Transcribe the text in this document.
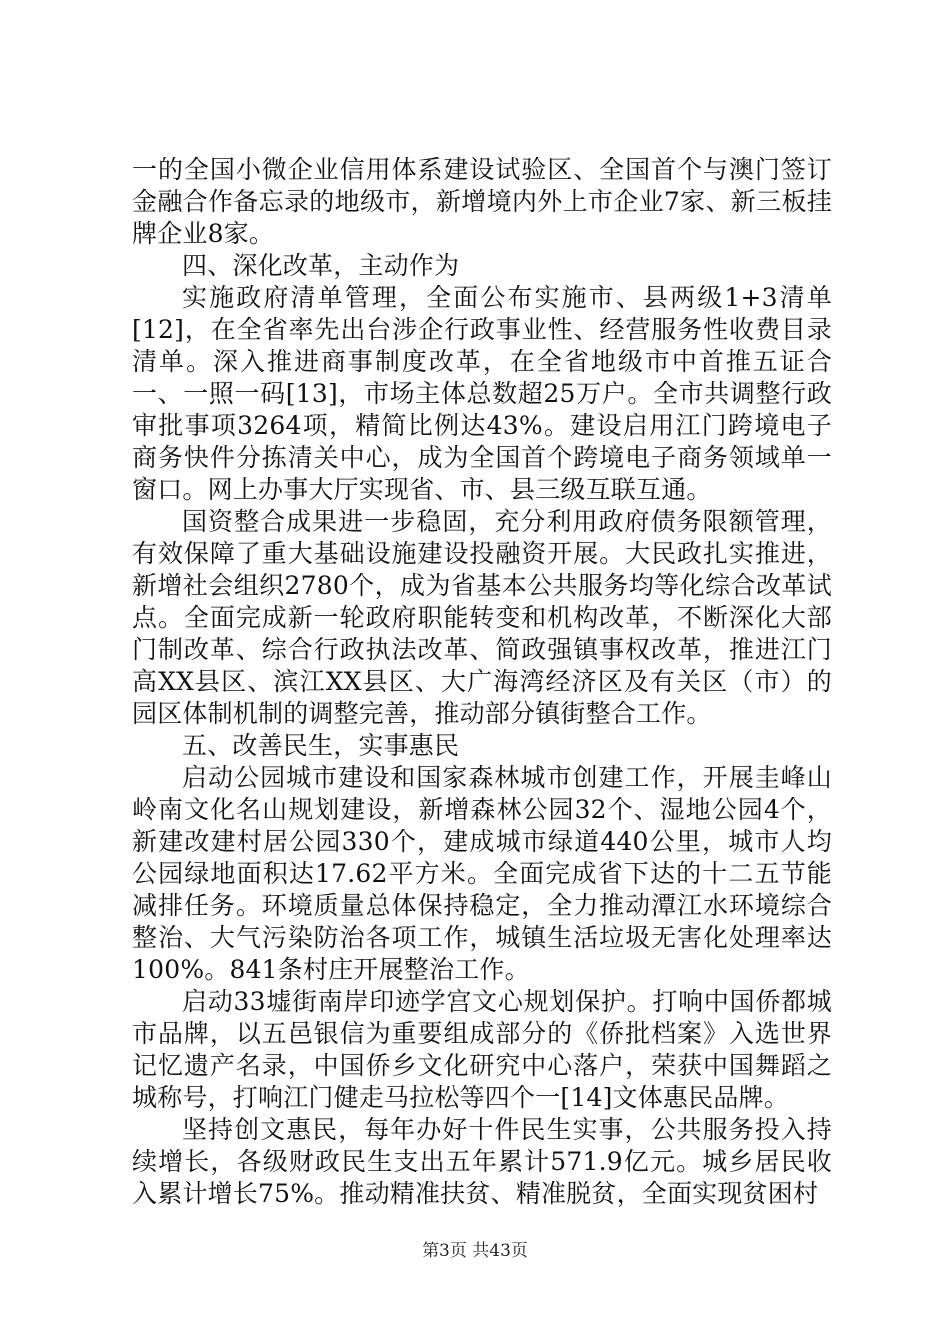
一的全国小微企业信用体系建设试验区、全国首个与澳门签订金融合作备忘录的地级市，新增境内外上市企业7家、新三板挂牌企业8家。

四、深化改革，主动作为

实施政府清单管理，全面公布实施市、县两级1+3清单[12]，在全省率先出台涉企行政事业性、经营服务性收费目录清单。深入推进商事制度改革，在全省地级市中首推五证合一、一照一码[13]，市场主体总数超25万户。全市共调整行政审批事项3264项，精简比例达43%。建设启用江门跨境电子商务快件分拣清关中心，成为全国首个跨境电子商务领域单一窗口。网上办事大厅实现省、市、县三级互联互通。

国资整合成果进一步稳固，充分利用政府债务限额管理，有效保障了重大基础设施建设投融资开展。大民政扎实推进，新增社会组织2780个，成为省基本公共服务均等化综合改革试点。全面完成新一轮政府职能转变和机构改革，不断深化大部门制改革、综合行政执法改革、简政强镇事权改革，推进江门高XX县区、滨江XX县区、大广海湾经济区及有关区（市）的园区体制机制的调整完善，推动部分镇街整合工作。

五、改善民生，实事惠民

启动公园城市建设和国家森林城市创建工作，开展圭峰山岭南文化名山规划建设，新增森林公园32个、湿地公园4个，新建改建村居公园330个，建成城市绿道440公里，城市人均公园绿地面积达17.62平方米。全面完成省下达的十二五节能减排任务。环境质量总体保持稳定，全力推动潭江水环境综合整治、大气污染防治各项工作，城镇生活垃圾无害化处理率达100%。841条村庄开展整治工作。

启动33墟街南岸印迹学宫文心规划保护。打响中国侨都城市品牌，以五邑银信为重要组成部分的《侨批档案》入选世界记忆遗产名录，中国侨乡文化研究中心落户，荣获中国舞蹈之城称号，打响江门健走马拉松等四个一[14]文体惠民品牌。

坚持创文惠民，每年办好十件民生实事，公共服务投入持续增长，各级财政民生支出五年累计571.9亿元。城乡居民收入累计增长75%。推动精准扶贫、精准脱贫，全面实现贫困村

第3页 共43页
